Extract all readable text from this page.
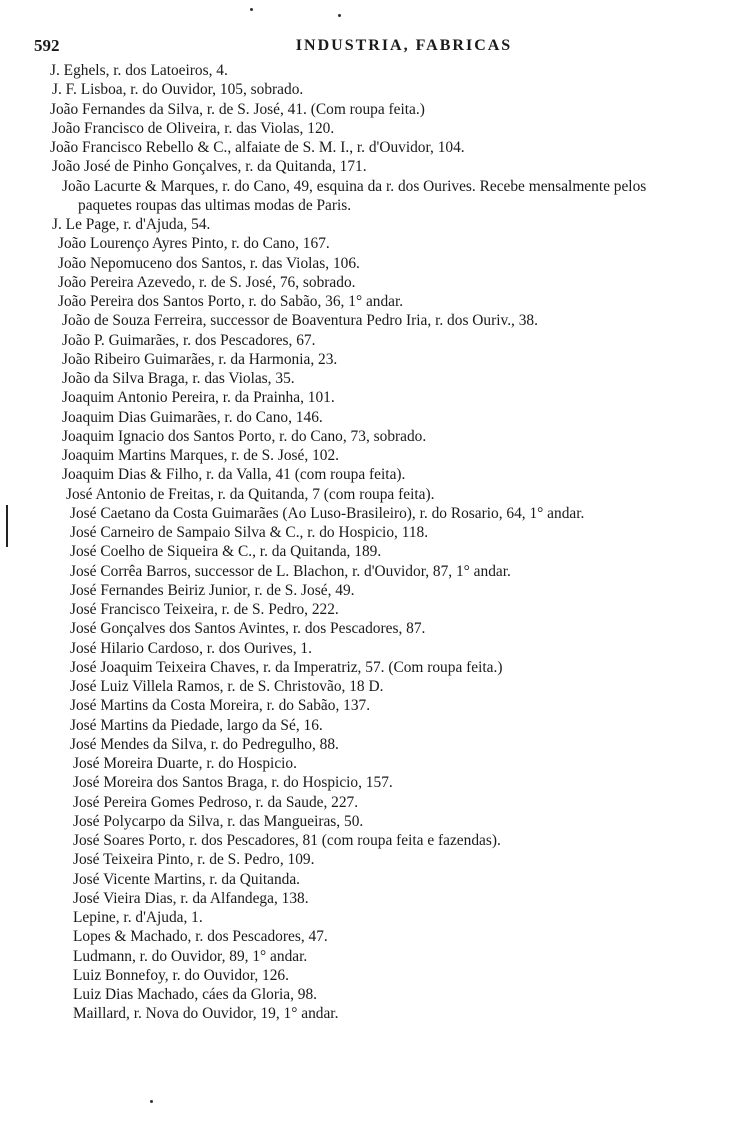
592	INDUSTRIA, FABRICAS
J. Eghels, r. dos Latoeiros, 4.
J. F. Lisboa, r. do Ouvidor, 105, sobrado.
João Fernandes da Silva, r. de S. José, 41. (Com roupa feita.)
João Francisco de Oliveira, r. das Violas, 120.
João Francisco Rebello & C., alfaiate de S. M. I., r. d'Ouvidor, 104.
João José de Pinho Gonçalves, r. da Quitanda, 171.
João Lacurte & Marques, r. do Cano, 49, esquina da r. dos Ourives. Recebe mensalmente pelos paquetes roupas das ultimas modas de Paris.
J. Le Page, r. d'Ajuda, 54.
João Lourenço Ayres Pinto, r. do Cano, 167.
João Nepomuceno dos Santos, r. das Violas, 106.
João Pereira Azevedo, r. de S. José, 76, sobrado.
João Pereira dos Santos Porto, r. do Sabão, 36, 1° andar.
João de Souza Ferreira, successor de Boaventura Pedro Iria, r. dos Ouriv., 38.
João P. Guimarães, r. dos Pescadores, 67.
João Ribeiro Guimarães, r. da Harmonia, 23.
João da Silva Braga, r. das Violas, 35.
Joaquim Antonio Pereira, r. da Prainha, 101.
Joaquim Dias Guimarães, r. do Cano, 146.
Joaquim Ignacio dos Santos Porto, r. do Cano, 73, sobrado.
Joaquim Martins Marques, r. de S. José, 102.
Joaquim Dias & Filho, r. da Valla, 41 (com roupa feita).
José Antonio de Freitas, r. da Quitanda, 7 (com roupa feita).
José Caetano da Costa Guimarães (Ao Luso-Brasileiro), r. do Rosario, 64, 1° andar.
José Carneiro de Sampaio Silva & C., r. do Hospicio, 118.
José Coelho de Siqueira & C., r. da Quitanda, 189.
José Corrêa Barros, successor de L. Blachon, r. d'Ouvidor, 87, 1° andar.
José Fernandes Beiriz Junior, r. de S. José, 49.
José Francisco Teixeira, r. de S. Pedro, 222.
José Gonçalves dos Santos Avintes, r. dos Pescadores, 87.
José Hilario Cardoso, r. dos Ourives, 1.
José Joaquim Teixeira Chaves, r. da Imperatriz, 57. (Com roupa feita.)
José Luiz Villela Ramos, r. de S. Christovão, 18 D.
José Martins da Costa Moreira, r. do Sabão, 137.
José Martins da Piedade, largo da Sé, 16.
José Mendes da Silva, r. do Pedregulho, 88.
José Moreira Duarte, r. do Hospicio.
José Moreira dos Santos Braga, r. do Hospicio, 157.
José Pereira Gomes Pedroso, r. da Saude, 227.
José Polycarpo da Silva, r. das Mangueiras, 50.
José Soares Porto, r. dos Pescadores, 81 (com roupa feita e fazendas).
José Teixeira Pinto, r. de S. Pedro, 109.
José Vicente Martins, r. da Quitanda.
José Vieira Dias, r. da Alfandega, 138.
Lepine, r. d'Ajuda, 1.
Lopes & Machado, r. dos Pescadores, 47.
Ludmann, r. do Ouvidor, 89, 1° andar.
Luiz Bonnefoy, r. do Ouvidor, 126.
Luiz Dias Machado, cáes da Gloria, 98.
Maillard, r. Nova do Ouvidor, 19, 1° andar.
